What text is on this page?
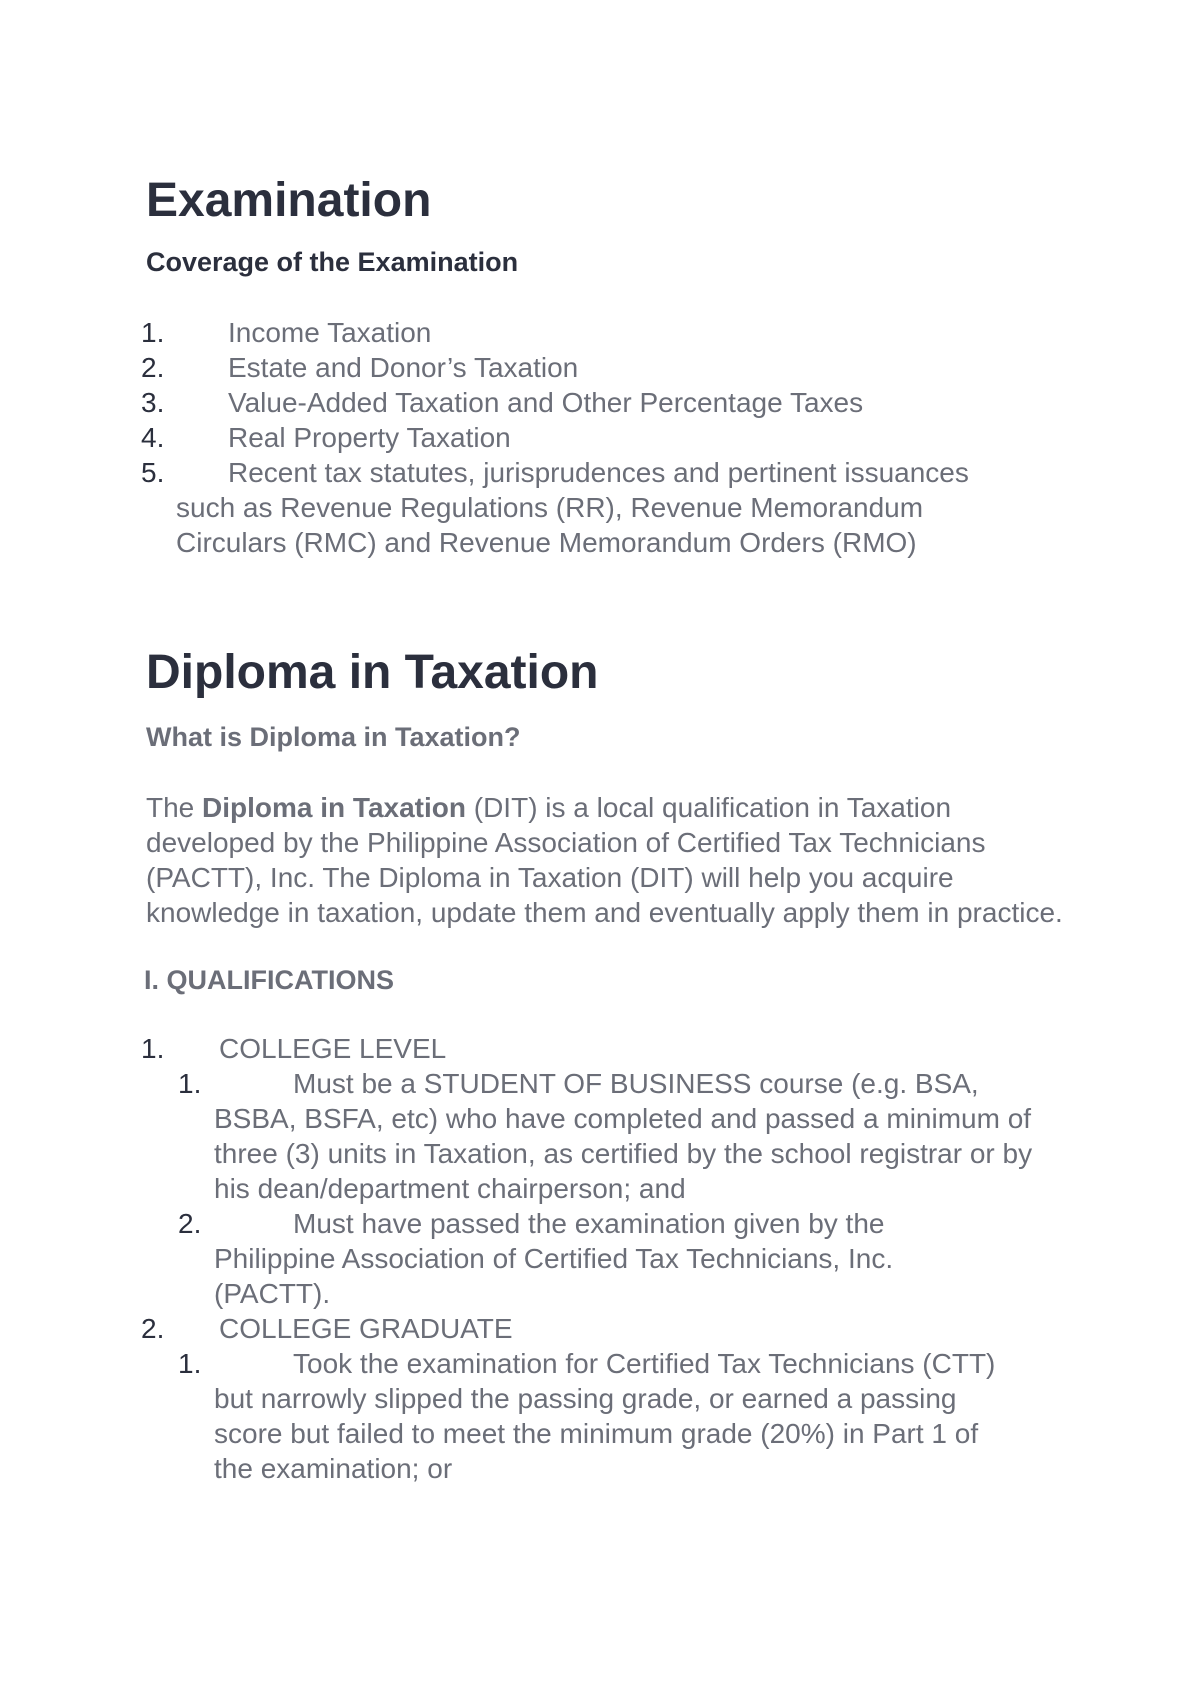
Examination
Coverage of the Examination
1.	Income Taxation
2.	Estate and Donor’s Taxation
3.	Value-Added Taxation and Other Percentage Taxes
4.	Real Property Taxation
5.	Recent tax statutes, jurisprudences and pertinent issuances
such as Revenue Regulations (RR), Revenue Memorandum Circulars (RMC) and Revenue Memorandum Orders (RMO)
Diploma in Taxation
What is Diploma in Taxation?

The Diploma in Taxation (DIT) is a local qualification in Taxation developed by the Philippine Association of Certified Tax Technicians (PACTT), Inc. The Diploma in Taxation (DIT) will help you acquire knowledge in taxation, update them and eventually apply them in practice.

I. QUALIFICATIONS
1.	COLLEGE LEVEL
1.	Must be a STUDENT OF BUSINESS course (e.g. BSA,
BSBA, BSFA, etc) who have completed and passed a minimum of three (3) units in Taxation, as certified by the school registrar or by his dean/department chairperson; and
2.	Must have passed the examination given by the
Philippine Association of Certified Tax Technicians, Inc. (PACTT).
2.	COLLEGE GRADUATE
1.	Took the examination for Certified Tax Technicians (CTT)
but narrowly slipped the passing grade, or earned a passing score but failed to meet the minimum grade (20%) in Part 1 of the examination; or
